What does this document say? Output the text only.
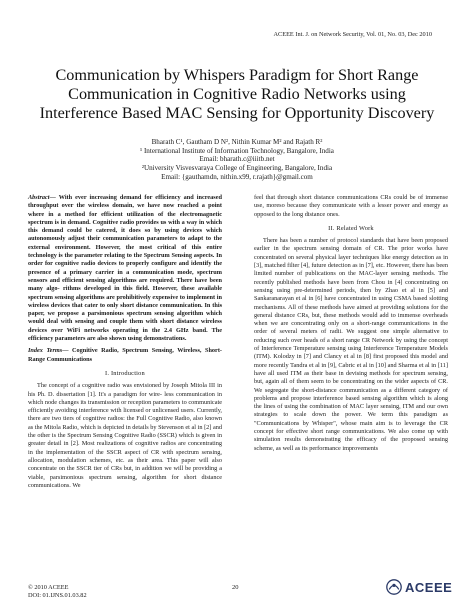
ACEEE Int. J. on Network Security, Vol. 01, No. 03, Dec 2010
Communication by Whispers Paradigm for Short Range Communication in Cognitive Radio Networks using Interference Based MAC Sensing for Opportunity Discovery
Bharath C¹, Gautham D N², Nithin Kumar M² and Rajath R²
¹ International Institute of Information Technology, Bangalore, India
Email: bharath.c@iiitb.net
²University Visvesvaraya College of Engineering, Bangalore, India
Email: {gauthamdn, nithin.x99, r.rajath}@gmail.com

Abstract— With ever increasing demand for efficiency and increased throughput over the wireless domain, we have now reached a point where in a method for efficient utilization of the electromagnetic spectrum is in demand. Cognitive radio provides us with a way in which this demand could be catered, it does so by using devices which autonomously adjust their communication parameters to adapt to the external environment. However, the most critical of this entire technology is the parameter relating to the Spectrum Sensing aspects. In order for cognitive radio devices to properly configure and identify the presence of a primary carrier in a communication mode, spectrum sensors and efficient sensing algorithms are required. There have been many algo- rithms developed in this field. However, these available spectrum sensing algorithms are prohibitively expensive to implement in wireless devices that cater to only short distance communication. In this paper, we propose a parsimonious spectrum sensing algorithm which would deal with sensing and couple them with short distance wireless devices over WiFi networks operating in the 2.4 GHz band. The efficiency parameters are also shown using demonstrations.

Index Terms— Cognitive Radio, Spectrum Sensing, Wireless, Short-Range Communications

I. Introduction

The concept of a cognitive radio was envisioned by Joseph Mitola III in his Ph. D. dissertation [1]. It's a paradigm for wire- less communication in which node changes its transmission or reception parameters to communicate efficiently avoiding interference with licensed or unlicensed users. Currently, there are two tiers of cognitive radios: the Full Cognitive Radio, also known as the Mitola Radio, which is depicted in details by Stevenson et al in [2] and the other is the Spectrum Sensing Cognitive Radio (SSCR) which is given in greater detail in [2]. Most realizations of cognitive radios are concentrating in the implementation of the SSCR aspect of CR with spectrum sensing, allocation, modulation schemes, etc. as their area. This paper will also concentrate on the SSCR tier of CRs but, in addition we will be providing a viable, parsimonious spectrum sensing, algorithm for short distance communications. We

feel that through short distance communications CRs could be of immense use, moreso because they communicate with a lesser power and energy as opposed to the long distance ones.

II. Related Work

There has been a number of protocol standards that have been proposed earlier in the spectrum sensing domain of CR. The prior works have concentrated on several physical layer techniques like energy detection as in [3], matched filter [4], future detection as in [7], etc. However, there has been limited number of publications on the MAC-layer sensing methods. The recently published methods have been from Chou in [4] concentrating on sensing using pre-determined periods, then by Zhao et al in [5] and Sankaranarayan et al in [6] have concentrated in using CSMA based slotting mechanisms. All of these methods have aimed at providing solutions for the general distance CRs, but, these methods would add to immense overheads when we are concentrating only on a short-range communications in the order of several meters of radii. We suggest one simple alternative to reducing such over heads of a short range CR Network by using the concept of Interference Temperature sensing using Interference Temperature Models (ITM). Kolodzy in [7] and Clancy et al in [8] first proposed this model and more recently Tandra et al in [9], Cabric et al in [10] and Sharma et al in [11] have all used ITM as their base in devising methods for spectrum sensing, but, again all of them seem to be concentrating on the wider aspects of CR. We segregate the short-distance communication as a different category of problems and propose interference based sensing algorithm which is along the lines of using the combination of MAC layer sensing, ITM and our own strategies to scale down the power. We term this paradigm as "Communications by Whisper", whose main aim is to leverage the CR concept for effective short range communications. We also come up with simulation results demonstrating the efficacy of the proposed sensing scheme, as well as its performance improvements

© 2010 ACEEE
DOI: 01.IJNS.01.03.82
20	ACEEE
